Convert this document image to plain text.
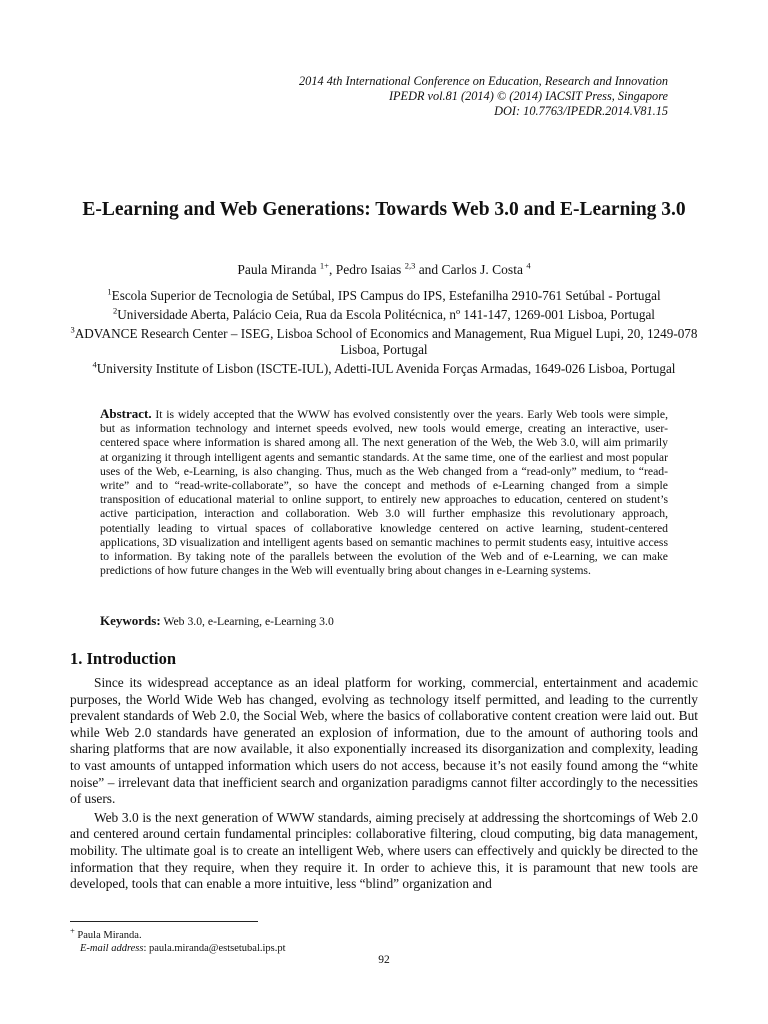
2014 4th International Conference on Education, Research and Innovation
IPEDR vol.81 (2014) © (2014) IACSIT Press, Singapore
DOI: 10.7763/IPEDR.2014.V81.15
E-Learning and Web Generations: Towards Web 3.0 and E-Learning 3.0
Paula Miranda $^{1+}$, Pedro Isaias $^{2,3}$ and Carlos J. Costa $^4$
$^1$Escola Superior de Tecnologia de Setúbal, IPS Campus do IPS, Estefanilha 2910-761 Setúbal - Portugal
$^2$Universidade Aberta, Palácio Ceia, Rua da Escola Politécnica, nº 141-147, 1269-001 Lisboa, Portugal
$^3$ADVANCE Research Center – ISEG, Lisboa School of Economics and Management, Rua Miguel Lupi, 20, 1249-078 Lisboa, Portugal
$^4$University Institute of Lisbon (ISCTE-IUL), Adetti-IUL Avenida Forças Armadas, 1649-026 Lisboa, Portugal
Abstract. It is widely accepted that the WWW has evolved consistently over the years. Early Web tools were simple, but as information technology and internet speeds evolved, new tools would emerge, creating an interactive, user-centered space where information is shared among all. The next generation of the Web, the Web 3.0, will aim primarily at organizing it through intelligent agents and semantic standards. At the same time, one of the earliest and most popular uses of the Web, e-Learning, is also changing. Thus, much as the Web changed from a “read-only” medium, to “read-write” and to “read-write-collaborate”, so have the concept and methods of e-Learning changed from a simple transposition of educational material to online support, to entirely new approaches to education, centered on student’s active participation, interaction and collaboration. Web 3.0 will further emphasize this revolutionary approach, potentially leading to virtual spaces of collaborative knowledge centered on active learning, student-centered applications, 3D visualization and intelligent agents based on semantic machines to permit students easy, intuitive access to information. By taking note of the parallels between the evolution of the Web and of e-Learning, we can make predictions of how future changes in the Web will eventually bring about changes in e-Learning systems.
Keywords: Web 3.0, e-Learning, e-Learning 3.0
1. Introduction

Since its widespread acceptance as an ideal platform for working, commercial, entertainment and academic purposes, the World Wide Web has changed, evolving as technology itself permitted, and leading to the currently prevalent standards of Web 2.0, the Social Web, where the basics of collaborative content creation were laid out. But while Web 2.0 standards have generated an explosion of information, due to the amount of authoring tools and sharing platforms that are now available, it also exponentially increased its disorganization and complexity, leading to vast amounts of untapped information which users do not access, because it’s not easily found among the “white noise” – irrelevant data that inefficient search and organization paradigms cannot filter accordingly to the necessities of users.

Web 3.0 is the next generation of WWW standards, aiming precisely at addressing the shortcomings of Web 2.0 and centered around certain fundamental principles: collaborative filtering, cloud computing, big data management, mobility. The ultimate goal is to create an intelligent Web, where users can effectively and quickly be directed to the information that they require, when they require it. In order to achieve this, it is paramount that new tools are developed, tools that can enable a more intuitive, less “blind” organization and

+ Paula Miranda.
E-mail address: paula.miranda@estsetubal.ips.pt
92
